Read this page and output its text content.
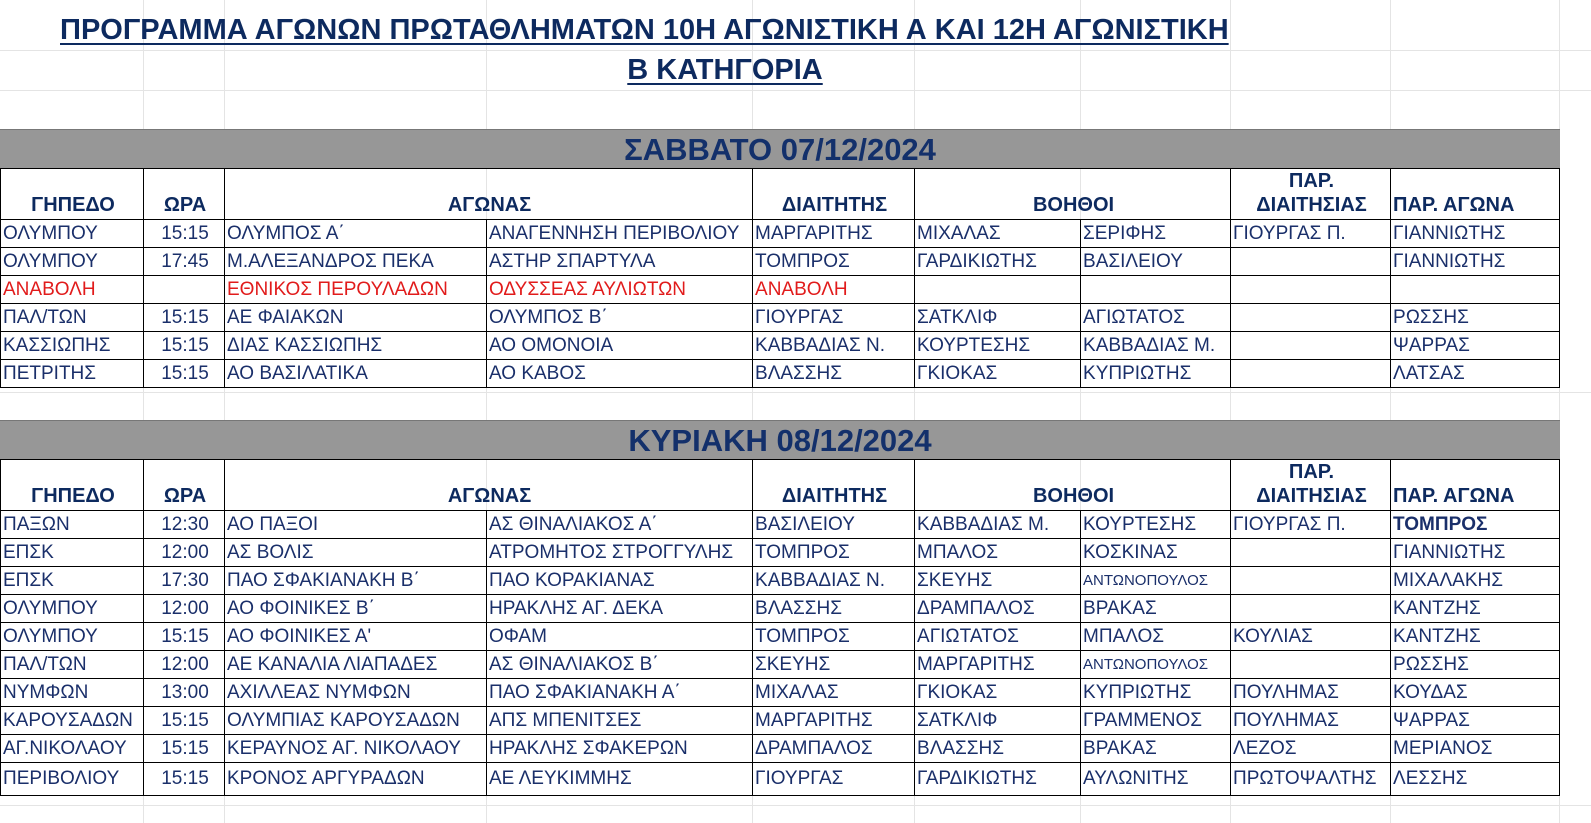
ΠΡΟΓΡΑΜΜΑ ΑΓΩΝΩΝ ΠΡΩΤΑΘΛΗΜΑΤΩΝ 10Η ΑΓΩΝΙΣΤΙΚΗ Α ΚΑΙ 12Η ΑΓΩΝΙΣΤΙΚΗ
Β ΚΑΤΗΓΟΡΙΑ
ΣΑΒΒΑΤΟ 07/12/2024
ΓΗΠΕΔΟ	ΩΡΑ	ΑΓΩΝΑΣ		ΔΙΑΙΤΗΤΗΣ	ΒΟΗΘΟΙ		ΠΑΡ.
ΔΙΑΙΤΗΣΙΑΣ	ΠΑΡ. ΑΓΩΝΑ
ΟΛΥΜΠΟΥ	15:15	ΟΛΥΜΠΟΣ Α΄	ΑΝΑΓΕΝΝΗΣΗ ΠΕΡΙΒΟΛΙΟΥ	ΜΑΡΓΑΡΙΤΗΣ	ΜΙΧΑΛΑΣ	ΣΕΡΙΦΗΣ	ΓΙΟΥΡΓΑΣ Π.	ΓΙΑΝΝΙΩΤΗΣ
ΟΛΥΜΠΟΥ	17:45	Μ.ΑΛΕΞΑΝΔΡΟΣ ΠΕΚΑ	ΑΣΤΗΡ ΣΠΑΡΤΥΛΑ	ΤΟΜΠΡΟΣ	ΓΑΡΔΙΚΙΩΤΗΣ	ΒΑΣΙΛΕΙΟΥ		ΓΙΑΝΝΙΩΤΗΣ
ΑΝΑΒΟΛΗ		ΕΘΝΙΚΟΣ ΠΕΡΟΥΛΑΔΩΝ	ΟΔΥΣΣΕΑΣ ΑΥΛΙΩΤΩΝ	ΑΝΑΒΟΛΗ				
ΠΑΛ/ΤΩΝ	15:15	ΑΕ ΦΑΙΑΚΩΝ	ΟΛΥΜΠΟΣ Β΄	ΓΙΟΥΡΓΑΣ	ΣΑΤΚΛΙΦ	ΑΓΙΩΤΑΤΟΣ		ΡΩΣΣΗΣ
ΚΑΣΣΙΩΠΗΣ	15:15	ΔΙΑΣ ΚΑΣΣΙΩΠΗΣ	ΑΟ ΟΜΟΝΟΙΑ	ΚΑΒΒΑΔΙΑΣ Ν.	ΚΟΥΡΤΕΣΗΣ	ΚΑΒΒΑΔΙΑΣ Μ.		ΨΑΡΡΑΣ
ΠΕΤΡΙΤΗΣ	15:15	ΑΟ ΒΑΣΙΛΑΤΙΚΑ	ΑΟ ΚΑΒΟΣ	ΒΛΑΣΣΗΣ	ΓΚΙΟΚΑΣ	ΚΥΠΡΙΩΤΗΣ		ΛΑΤΣΑΣ
ΚΥΡΙΑΚΗ 08/12/2024
ΓΗΠΕΔΟ	ΩΡΑ	ΑΓΩΝΑΣ		ΔΙΑΙΤΗΤΗΣ	ΒΟΗΘΟΙ		ΠΑΡ.
ΔΙΑΙΤΗΣΙΑΣ	ΠΑΡ. ΑΓΩΝΑ
ΠΑΞΩΝ	12:30	ΑΟ ΠΑΞΟΙ	ΑΣ ΘΙΝΑΛΙΑΚΟΣ Α΄	ΒΑΣΙΛΕΙΟΥ	ΚΑΒΒΑΔΙΑΣ Μ.	ΚΟΥΡΤΕΣΗΣ	ΓΙΟΥΡΓΑΣ Π.	ΤΟΜΠΡΟΣ
ΕΠΣΚ	12:00	ΑΣ ΒΟΛΙΣ	ΑΤΡΟΜΗΤΟΣ ΣΤΡΟΓΓΥΛΗΣ	ΤΟΜΠΡΟΣ	ΜΠΑΛΟΣ	ΚΟΣΚΙΝΑΣ		ΓΙΑΝΝΙΩΤΗΣ
ΕΠΣΚ	17:30	ΠΑΟ ΣΦΑΚΙΑΝΑΚΗ Β΄	ΠΑΟ ΚΟΡΑΚΙΑΝΑΣ	ΚΑΒΒΑΔΙΑΣ Ν.	ΣΚΕΥΗΣ	ΑΝΤΩΝΟΠΟΥΛΟΣ		ΜΙΧΑΛΑΚΗΣ
ΟΛΥΜΠΟΥ	12:00	ΑΟ ΦΟΙΝΙΚΕΣ Β΄	ΗΡΑΚΛΗΣ ΑΓ. ΔΕΚΑ	ΒΛΑΣΣΗΣ	ΔΡΑΜΠΑΛΟΣ	ΒΡΑΚΑΣ		ΚΑΝΤΖΗΣ
ΟΛΥΜΠΟΥ	15:15	ΑΟ ΦΟΙΝΙΚΕΣ Α'	ΟΦΑΜ	ΤΟΜΠΡΟΣ	ΑΓΙΩΤΑΤΟΣ	ΜΠΑΛΟΣ	ΚΟΥΛΙΑΣ	ΚΑΝΤΖΗΣ
ΠΑΛ/ΤΩΝ	12:00	ΑΕ ΚΑΝΑΛΙΑ ΛΙΑΠΑΔΕΣ	ΑΣ ΘΙΝΑΛΙΑΚΟΣ Β΄	ΣΚΕΥΗΣ	ΜΑΡΓΑΡΙΤΗΣ	ΑΝΤΩΝΟΠΟΥΛΟΣ		ΡΩΣΣΗΣ
ΝΥΜΦΩΝ	13:00	ΑΧΙΛΛΕΑΣ ΝΥΜΦΩΝ	ΠΑΟ ΣΦΑΚΙΑΝΑΚΗ Α΄	ΜΙΧΑΛΑΣ	ΓΚΙΟΚΑΣ	ΚΥΠΡΙΩΤΗΣ	ΠΟΥΛΗΜΑΣ	ΚΟΥΔΑΣ
ΚΑΡΟΥΣΑΔΩΝ	15:15	ΟΛΥΜΠΙΑΣ ΚΑΡΟΥΣΑΔΩΝ	ΑΠΣ ΜΠΕΝΙΤΣΕΣ	ΜΑΡΓΑΡΙΤΗΣ	ΣΑΤΚΛΙΦ	ΓΡΑΜΜΕΝΟΣ	ΠΟΥΛΗΜΑΣ	ΨΑΡΡΑΣ
ΑΓ.ΝΙΚΟΛΑΟΥ	15:15	ΚΕΡΑΥΝΟΣ ΑΓ. ΝΙΚΟΛΑΟΥ	ΗΡΑΚΛΗΣ ΣΦΑΚΕΡΩΝ	ΔΡΑΜΠΑΛΟΣ	ΒΛΑΣΣΗΣ	ΒΡΑΚΑΣ	ΛΕΖΟΣ	ΜΕΡΙΑΝΟΣ
ΠΕΡΙΒΟΛΙΟΥ	15:15	ΚΡΟΝΟΣ ΑΡΓΥΡΑΔΩΝ	ΑΕ ΛΕΥΚΙΜΜΗΣ	ΓΙΟΥΡΓΑΣ	ΓΑΡΔΙΚΙΩΤΗΣ	ΑΥΛΩΝΙΤΗΣ	ΠΡΩΤΟΨΑΛΤΗΣ	ΛΕΣΣΗΣ
